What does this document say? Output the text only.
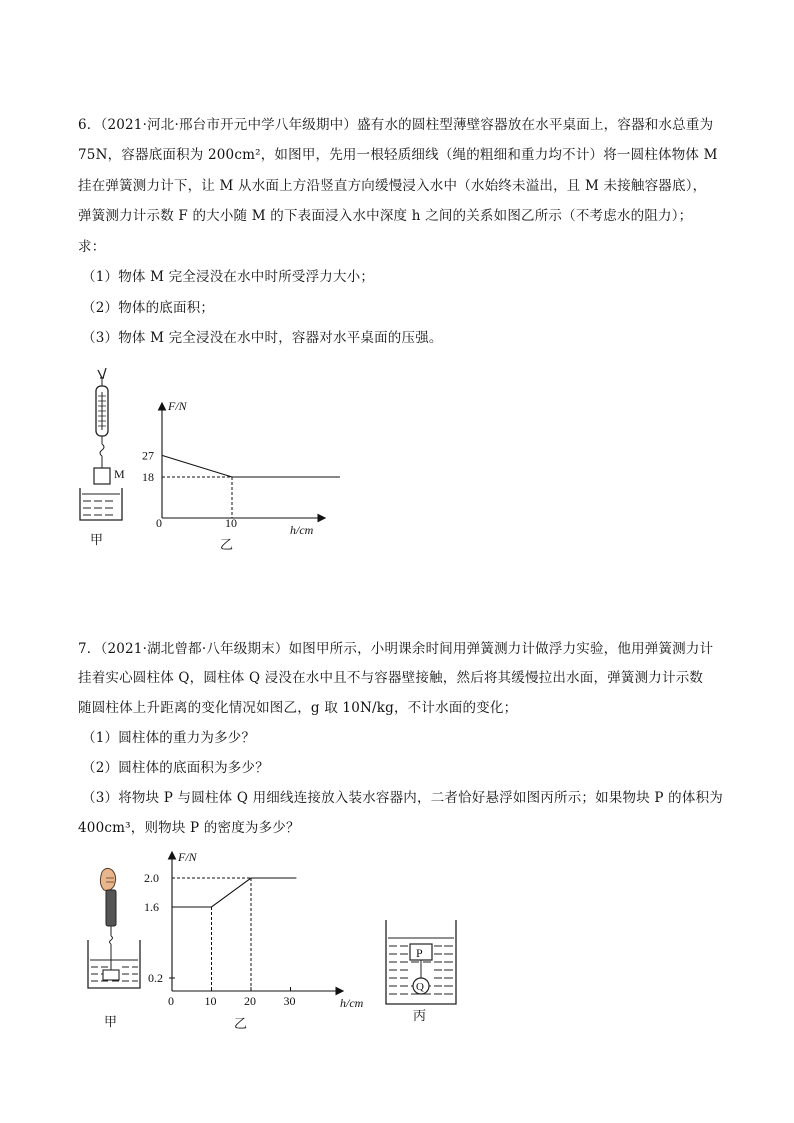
6．（2021·河北·邢台市开元中学八年级期中）盛有水的圆柱型薄壁容器放在水平桌面上，容器和水总重为
75N，容器底面积为 200cm²，如图甲，先用一根轻质细线（绳的粗细和重力均不计）将一圆柱体物体 M
挂在弹簧测力计下，让 M 从水面上方沿竖直方向缓慢浸入水中（水始终未溢出，且 M 未接触容器底），
弹簧测力计示数 F 的大小随 M 的下表面浸入水中深度 h 之间的关系如图乙所示（不考虑水的阻力）；
求：
（1）物体 M 完全浸没在水中时所受浮力大小；
（2）物体的底面积；
（3）物体 M 完全浸没在水中时，容器对水平桌面的压强。
M
甲
F/N
h/cm
0
27
18
10
乙
7．（2021·湖北曾都·八年级期末）如图甲所示，小明课余时间用弹簧测力计做浮力实验，他用弹簧测力计
挂着实心圆柱体 Q，圆柱体 Q 浸没在水中且不与容器壁接触，然后将其缓慢拉出水面，弹簧测力计示数
随圆柱体上升距离的变化情况如图乙，g 取 10N/kg，不计水面的变化；
（1）圆柱体的重力为多少？
（2）圆柱体的底面积为多少？
（3）将物块 P 与圆柱体 Q 用细线连接放入装水容器内，二者恰好悬浮如图丙所示；如果物块 P 的体积为
400cm³，则物块 P 的密度为多少？
甲
F/N
h/cm
0
2.0
1.6
0.2
10 20 30
乙
P
Q
丙
